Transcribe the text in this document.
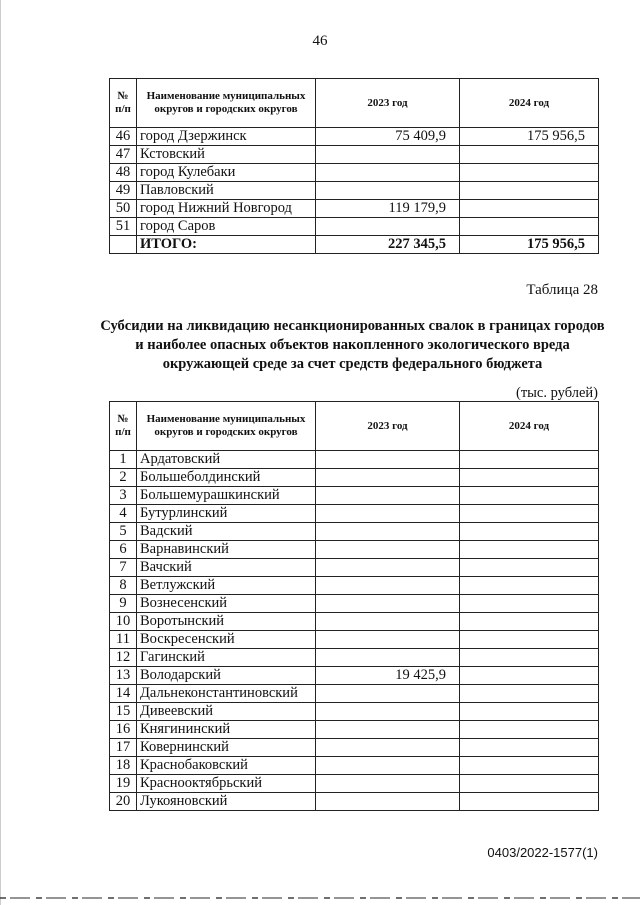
46
№ п/п	Наименование муниципальных округов и городских округов	2023 год	2024 год
46	город Дзержинск	75 409,9	175 956,5
47	Кстовский		
48	город Кулебаки		
49	Павловский		
50	город Нижний Новгород	119 179,9	
51	город Саров		
	ИТОГО:	227 345,5	175 956,5
Таблица 28
Субсидии на ликвидацию несанкционированных свалок в границах городов и наиболее опасных объектов накопленного экологического вреда окружающей среде за счет средств федерального бюджета
(тыс. рублей)
№ п/п	Наименование муниципальных округов и городских округов	2023 год	2024 год
1	Ардатовский		
2	Большеболдинский		
3	Большемурашкинский		
4	Бутурлинский		
5	Вадский		
6	Варнавинский		
7	Вачский		
8	Ветлужский		
9	Вознесенский		
10	Воротынский		
11	Воскресенский		
12	Гагинский		
13	Володарский	19 425,9	
14	Дальнеконстантиновский		
15	Дивеевский		
16	Княгининский		
17	Ковернинский		
18	Краснобаковский		
19	Краснооктябрьский		
20	Лукояновский		
0403/2022-1577(1)
